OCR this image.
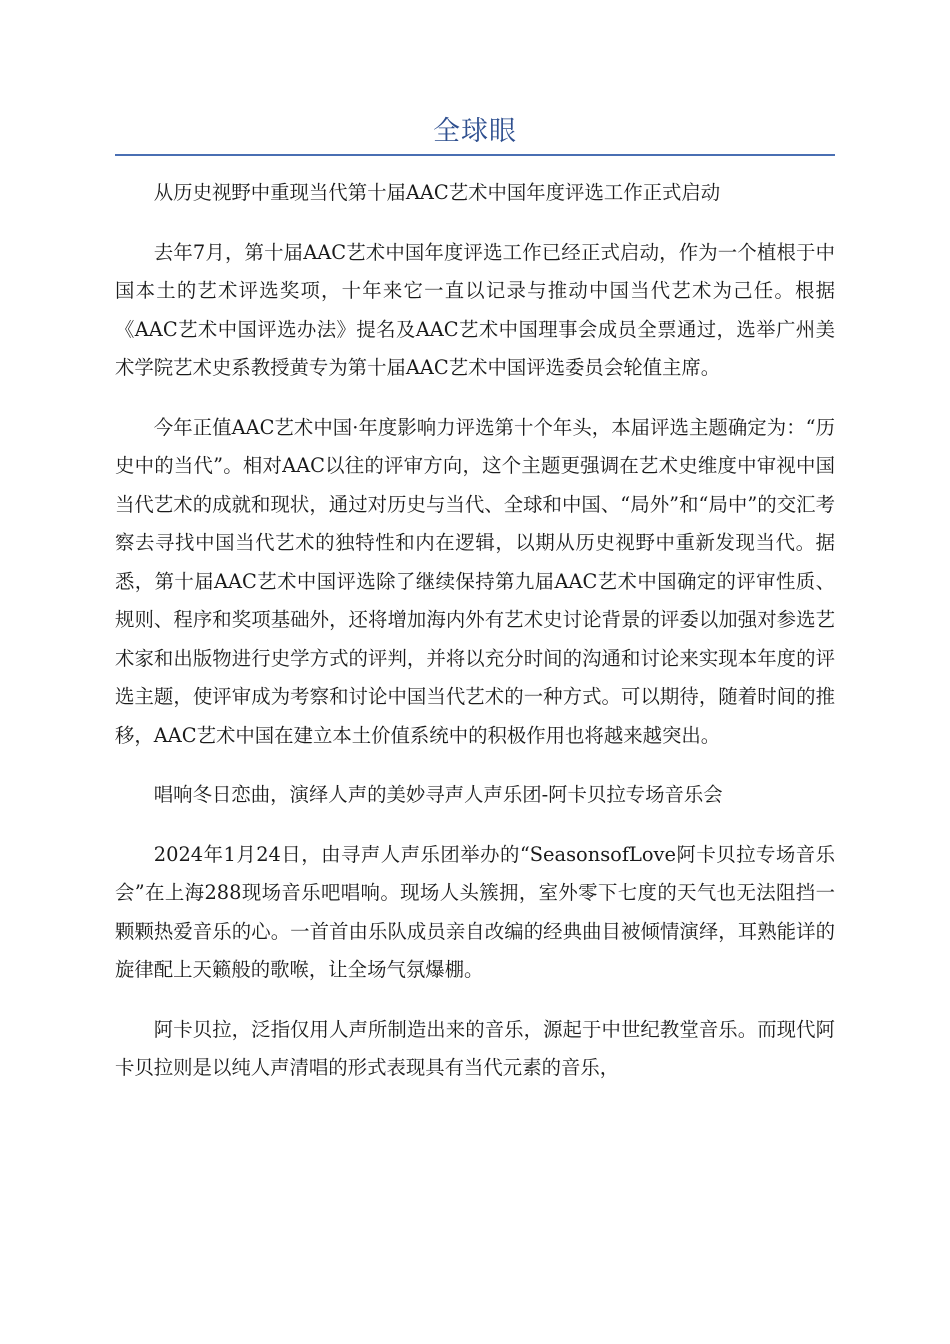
全球眼

从历史视野中重现当代第十届AAC艺术中国年度评选工作正式启动

去年7月，第十届AAC艺术中国年度评选工作已经正式启动，作为一个植根于中国本土的艺术评选奖项，十年来它一直以记录与推动中国当代艺术为己任。根据《AAC艺术中国评选办法》提名及AAC艺术中国理事会成员全票通过，选举广州美术学院艺术史系教授黄专为第十届AAC艺术中国评选委员会轮值主席。

今年正值AAC艺术中国·年度影响力评选第十个年头，本届评选主题确定为：“历史中的当代”。相对AAC以往的评审方向，这个主题更强调在艺术史维度中审视中国当代艺术的成就和现状，通过对历史与当代、全球和中国、“局外”和“局中”的交汇考察去寻找中国当代艺术的独特性和内在逻辑，以期从历史视野中重新发现当代。据悉，第十届AAC艺术中国评选除了继续保持第九届AAC艺术中国确定的评审性质、规则、程序和奖项基础外，还将增加海内外有艺术史讨论背景的评委以加强对参选艺术家和出版物进行史学方式的评判，并将以充分时间的沟通和讨论来实现本年度的评选主题，使评审成为考察和讨论中国当代艺术的一种方式。可以期待，随着时间的推移，AAC艺术中国在建立本土价值系统中的积极作用也将越来越突出。

唱响冬日恋曲，演绎人声的美妙寻声人声乐团-阿卡贝拉专场音乐会

2024年1月24日，由寻声人声乐团举办的“SeasonsofLove阿卡贝拉专场音乐会”在上海288现场音乐吧唱响。现场人头簇拥，室外零下七度的天气也无法阻挡一颗颗热爱音乐的心。一首首由乐队成员亲自改编的经典曲目被倾情演绎，耳熟能详的旋律配上天籁般的歌喉，让全场气氛爆棚。

阿卡贝拉，泛指仅用人声所制造出来的音乐，源起于中世纪教堂音乐。而现代阿卡贝拉则是以纯人声清唱的形式表现具有当代元素的音乐，
